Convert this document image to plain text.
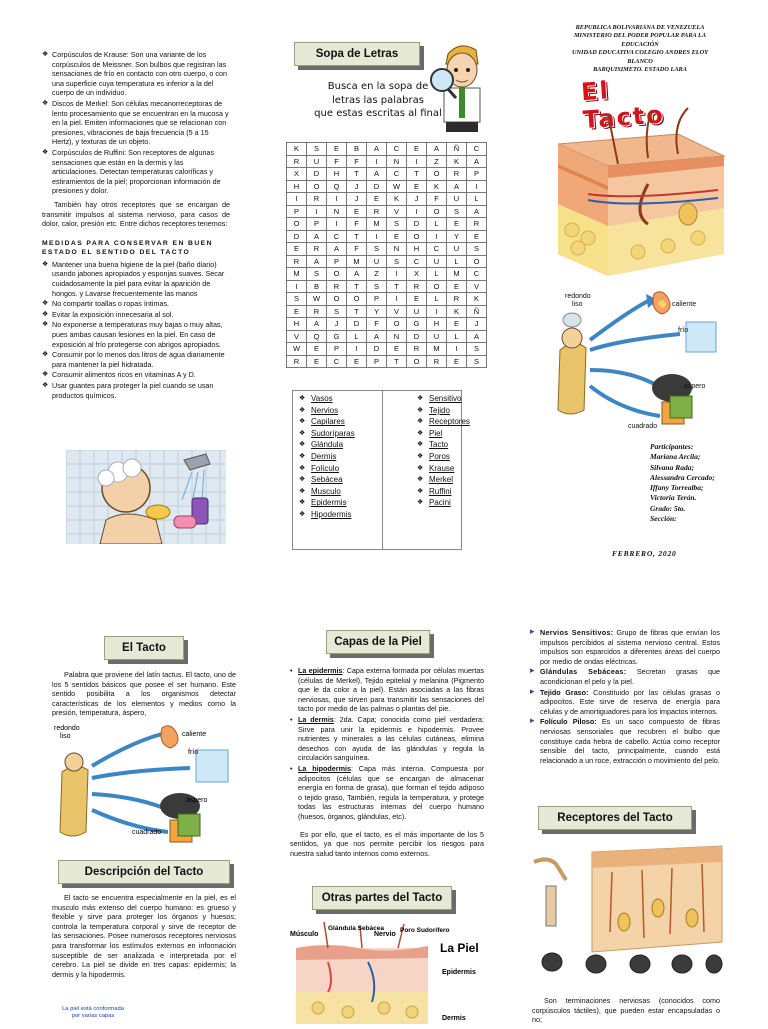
❖ Corpúsculos de Krause: Son una variante de los corpúsculos de Meissner. Son bulbos que registran las sensaciones de frío en contacto con otro cuerpo, o con una superficie cuya temperatura es inferior a la del cuerpo de un individuo.
❖ Discos de Merkel: Son células mecanorreceptoras de lento procesamiento que se encuentran en la mucosa y en la piel. Emiten informaciones que se relacionan con presiones, vibraciones de baja frecuencia (5 a 15 Hertz), y texturas de un objeto.
❖ Corpúsculos de Ruffini: Son receptores de algunas sensaciones que están en la dermis y las articulaciones. Detectan temperaturas caloríficas y estiramientos de la piel; proporcionan información de presiones y dolor.

También hay otros receptores que se encargan de transmitir impulsos al sistema nervioso, para casos de dolor, calor, presión etc. Entre dichos receptores tenemos:

MEDIDAS PARA CONSERVAR EN BUEN ESTADO EL SENTIDO DEL TACTO
❖ Mantener una buena higiene de la piel (baño diario) usando jabones apropiados y esponjas suaves. Secar cuidadosamente la piel para evitar la aparición de hongos. y Lavarse frecuentemente las manos
❖ No compartir toallas o ropas íntimas.
❖ Evitar la exposición innecesaria al sol.
❖ No exponerse a temperaturas muy bajas o muy altas, pues ambas causan lesiones en la piel. En caso de exposición al frío protegerse con abrigos apropiados.
❖ Consumir por lo menos dos litros de agua diariamente para mantener la piel hidratada.
❖ Consumir alimentos ricos en vitaminas A y D.
❖ Usar guantes para proteger la piel cuando se usan productos químicos.
Sopa de Letras
Busca en la sopa de
letras las palabras
que estas escritas al final
K	S	E	B	A	C	E	A	Ñ	C
R	U	F	F	I	N	I	Z	K	A
X	D	H	T	A	C	T	O	R	P
H	O	Q	J	D	W	E	K	A	I
I	R	I	J	E	K	J	F	U	L
P	I	N	E	R	V	I	O	S	A
O	P	I	F	M	S	D	L	E	R
D	A	C	T	I	E	O	I	Y	E
E	R	A	F	S	N	H	C	U	S
R	A	P	M	U	S	C	U	L	O
M	S	O	A	Z	I	X	L	M	C
I	B	R	T	S	T	R	O	E	V
S	W	O	O	P	I	E	L	R	K
E	R	S	T	Y	V	U	I	K	Ñ
H	A	J	D	F	O	G	H	E	J
V	Q	G	L	A	N	D	U	L	A
W	E	P	I	D	E	R	M	I	S
R	E	C	E	P	T	O	R	E	S
❖ Vasos
❖ Nervios
❖ Capilares
❖ Sudoríparas
❖ Glándula
❖ Dermis
❖ Folículo
❖ Sebácea
❖ Musculo
❖ Epidermis
❖ Hipodermis
❖ Sensitivo
❖ Tejido
❖ Receptores
❖ Piel
❖ Tacto
❖ Poros
❖ Krause
❖ Merkel
❖ Ruffini
❖ Pacini
REPUBLICA BOLIVARIANA DE VENEZUELA
MINISTERIO DEL PODER POPULAR PARA LA EDUCACIÓN
UNIDAD EDUCATIVA COLEGIO ANDRES ELOY BLANCO
BARQUISIMETO. ESTADO LARA
El Tacto
redondo
liso	caliente
frío
áspero
cuadrado
Participantes:
Mariana Arcila;
Silvana Rada;
Alessandra Cercado;
Iffany Torrealba;
Victoria Terán.
Grado: 5to.
Sección:
FEBRERO, 2020
El Tacto

Palabra que proviene del latín tactus. El tacto, uno de los 5 sentidos básicos que posee el ser humano. Este sentido posibilita a los organismos detectar características de los elementos y medios como la presión, temperatura, áspero,

redondo
liso	caliente
frío
áspero
cuadrado
Descripción del Tacto

El tacto se encuentra especialmente en la piel, es el musculo más extenso del cuerpo humano: es grueso y flexible y sirve para proteger los órganos y huesos; controla la temperatura corporal y sirve de receptor de las sensaciones. Posee numerosos receptores nerviosos para transformar los estímulos externos en información susceptible de ser analizada e interpretada por el cerebro. La piel se divide en tres capas: epidermis; la dermis y la hipodermis.

La piel está conformada por varias capas
Capas de la Piel
• La epidermis: Capa externa formada por células muertas (células de Merkel), Tejido epitelial y melanina (Pigmento que le da color a la piel). Están asociadas a las fibras nerviosas, que sirven para transmitir las sensaciones del tacto por medio de las palmas o plantas del pie.
• La dermis: 2da. Capa; conocida como piel verdadera; Sirve para unir la epidermis e hipodermis. Provee nutrientes y minerales a las células cutáneas, elimina desechos con ayuda de las glándulas y regula la circulación sanguínea.
• La hipodermis: Capa más interna. Compuesta por adipocitos (células que se encargan de almacenar energía en forma de grasa), que forman el tejido adiposo o tejido graso, También, regula la temperatura, y protege todas las estructuras internas del cuerpo humano (huesos, órganos, glándulas, etc).

Es por ello, que el tacto, es el más importante de los 5 sentidos, ya que nos permite percibir los riesgos para nuestra salud tanto internos como externos.

Otras partes del Tacto
Músculo
Glándula Sebácea
Nervio
Poro Sudorífero
La Piel
Epidermis
Dermis
▸ Nervios Sensitivos: Grupo de fibras que envían los impulsos percibidos al sistema nervioso central. Estos impulsos son esparcidos a diferentes áreas del cuerpo por medio de ondas eléctricas.
▸ Glándulas Sebáceas: Secretan grasas que acondicionan el pelo y la piel.
▸ Tejido Graso: Constituido por las células grasas o adipocitos. Este sirve de reserva de energía para células y de amortiguadores para los impactos internos.
▸ Folículo Piloso: Es un saco compuesto de fibras nerviosas sensoriales que recubren el bulbo que constituye cada hebra de cabello. Actúa como receptor sensible del tacto, principalmente, cuando está relacionado a un roce, extracción o movimiento del pelo.
Receptores del Tacto

Son terminaciones nerviosas (conocidos como corpúsculos táctiles), que pueden estar encapsuladas o no;
